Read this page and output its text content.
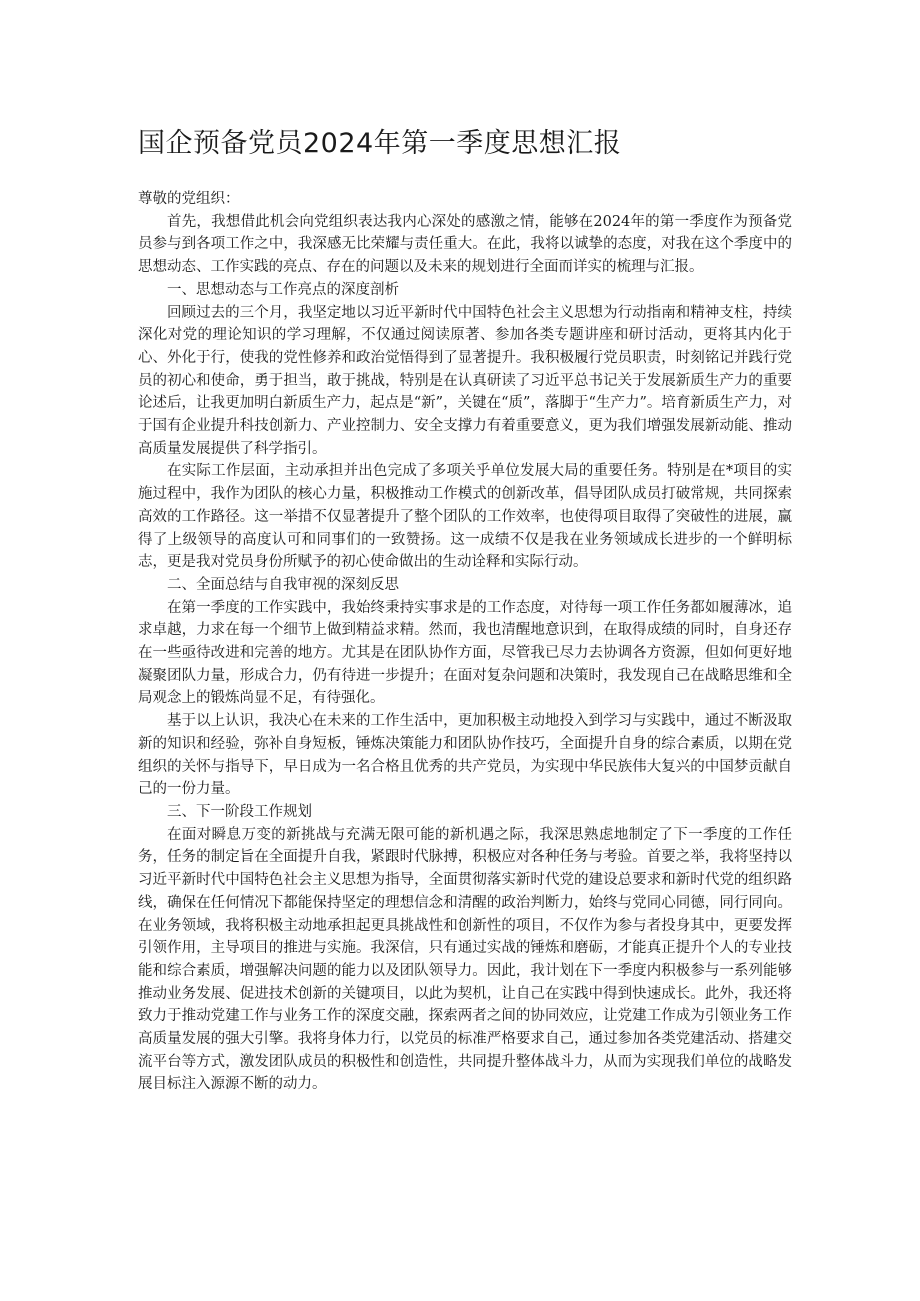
国企预备党员2024年第一季度思想汇报

尊敬的党组织：

首先，我想借此机会向党组织表达我内心深处的感激之情，能够在2024年的第一季度作为预备党员参与到各项工作之中，我深感无比荣耀与责任重大。在此，我将以诚挚的态度，对我在这个季度中的思想动态、工作实践的亮点、存在的问题以及未来的规划进行全面而详实的梳理与汇报。

一、思想动态与工作亮点的深度剖析

回顾过去的三个月，我坚定地以习近平新时代中国特色社会主义思想为行动指南和精神支柱，持续深化对党的理论知识的学习理解，不仅通过阅读原著、参加各类专题讲座和研讨活动，更将其内化于心、外化于行，使我的党性修养和政治觉悟得到了显著提升。我积极履行党员职责，时刻铭记并践行党员的初心和使命，勇于担当，敢于挑战，特别是在认真研读了习近平总书记关于发展新质生产力的重要论述后，让我更加明白新质生产力，起点是“新”，关键在“质”，落脚于“生产力”。培育新质生产力，对于国有企业提升科技创新力、产业控制力、安全支撑力有着重要意义，更为我们增强发展新动能、推动高质量发展提供了科学指引。

在实际工作层面，主动承担并出色完成了多项关乎单位发展大局的重要任务。特别是在*项目的实施过程中，我作为团队的核心力量，积极推动工作模式的创新改革，倡导团队成员打破常规，共同探索高效的工作路径。这一举措不仅显著提升了整个团队的工作效率，也使得项目取得了突破性的进展，赢得了上级领导的高度认可和同事们的一致赞扬。这一成绩不仅是我在业务领域成长进步的一个鲜明标志，更是我对党员身份所赋予的初心使命做出的生动诠释和实际行动。

二、全面总结与自我审视的深刻反思

在第一季度的工作实践中，我始终秉持实事求是的工作态度，对待每一项工作任务都如履薄冰，追求卓越，力求在每一个细节上做到精益求精。然而，我也清醒地意识到，在取得成绩的同时，自身还存在一些亟待改进和完善的地方。尤其是在团队协作方面，尽管我已尽力去协调各方资源，但如何更好地凝聚团队力量，形成合力，仍有待进一步提升；在面对复杂问题和决策时，我发现自己在战略思维和全局观念上的锻炼尚显不足，有待强化。

基于以上认识，我决心在未来的工作生活中，更加积极主动地投入到学习与实践中，通过不断汲取新的知识和经验，弥补自身短板，锤炼决策能力和团队协作技巧，全面提升自身的综合素质，以期在党组织的关怀与指导下，早日成为一名合格且优秀的共产党员，为实现中华民族伟大复兴的中国梦贡献自己的一份力量。

三、下一阶段工作规划

在面对瞬息万变的新挑战与充满无限可能的新机遇之际，我深思熟虑地制定了下一季度的工作任务，任务的制定旨在全面提升自我，紧跟时代脉搏，积极应对各种任务与考验。首要之举，我将坚持以习近平新时代中国特色社会主义思想为指导，全面贯彻落实新时代党的建设总要求和新时代党的组织路线，确保在任何情况下都能保持坚定的理想信念和清醒的政治判断力，始终与党同心同德，同行同向。在业务领域，我将积极主动地承担起更具挑战性和创新性的项目，不仅作为参与者投身其中，更要发挥引领作用，主导项目的推进与实施。我深信，只有通过实战的锤炼和磨砺，才能真正提升个人的专业技能和综合素质，增强解决问题的能力以及团队领导力。因此，我计划在下一季度内积极参与一系列能够推动业务发展、促进技术创新的关键项目，以此为契机，让自己在实践中得到快速成长。此外，我还将致力于推动党建工作与业务工作的深度交融，探索两者之间的协同效应，让党建工作成为引领业务工作高质量发展的强大引擎。我将身体力行，以党员的标准严格要求自己，通过参加各类党建活动、搭建交流平台等方式，激发团队成员的积极性和创造性，共同提升整体战斗力，从而为实现我们单位的战略发展目标注入源源不断的动力。
